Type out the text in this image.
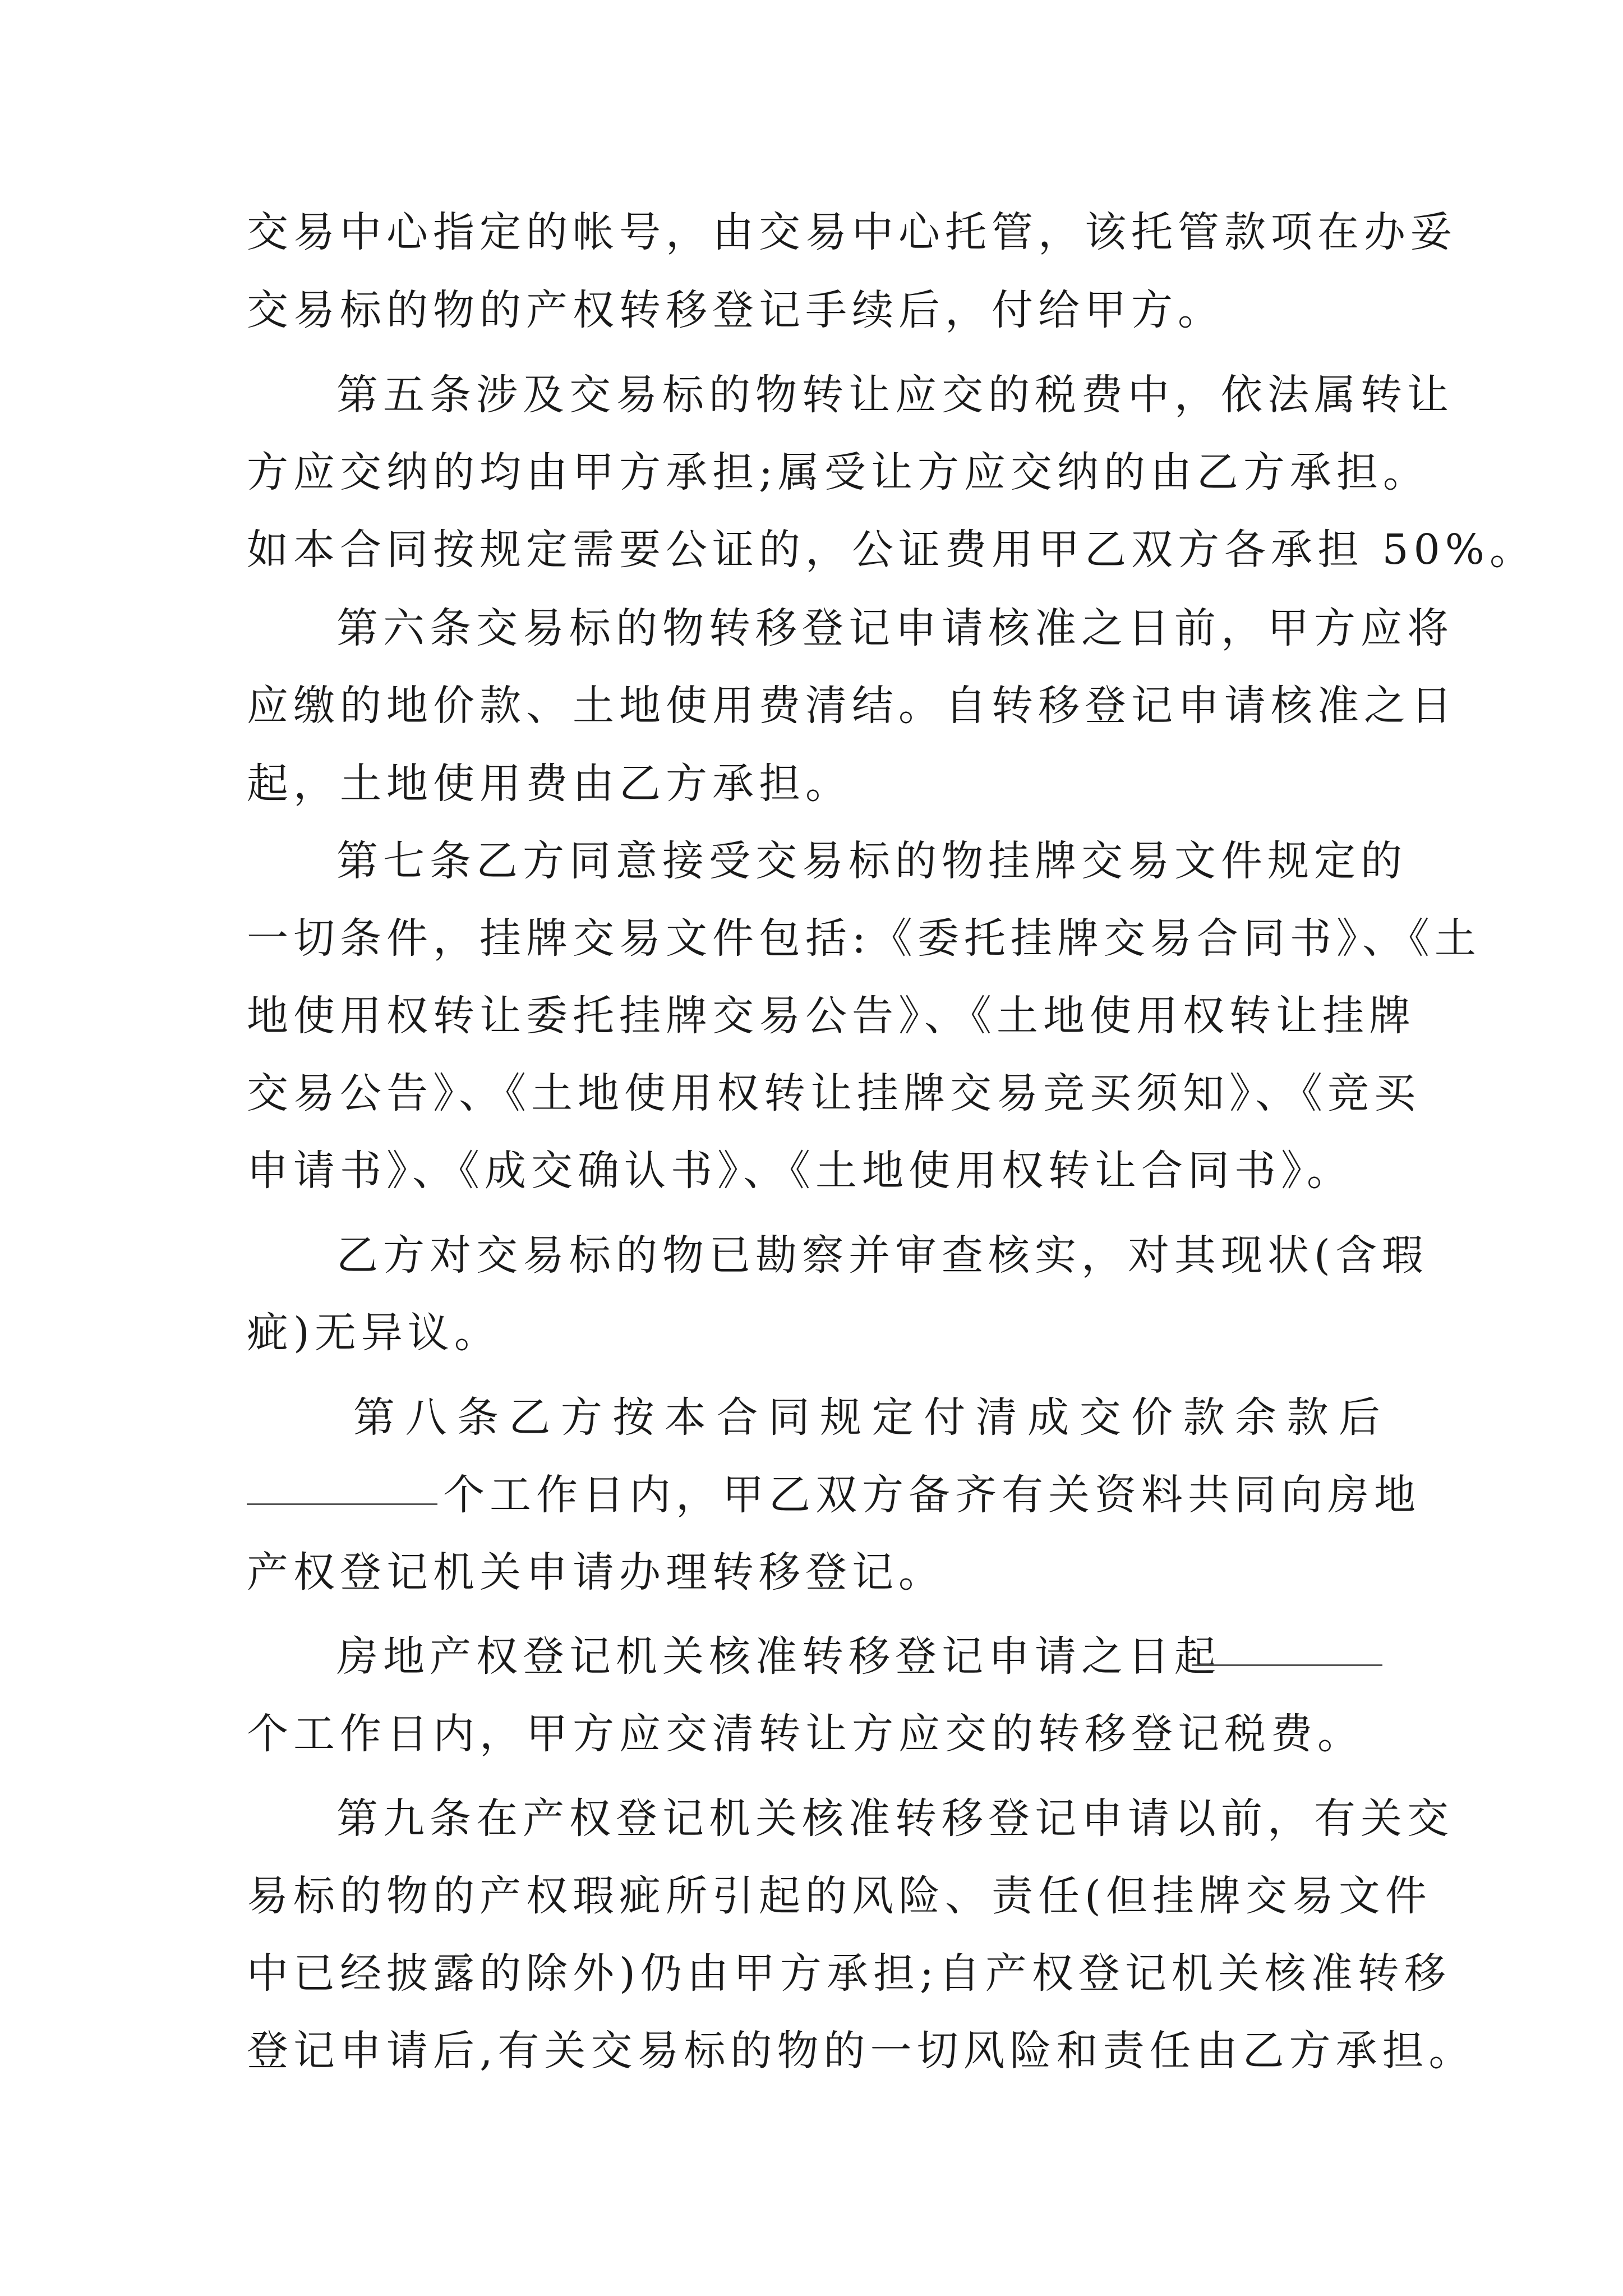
交易中心指定的帐号，由交易中心托管，该托管款项在办妥
交易标的物的产权转移登记手续后，付给甲方。
第五条涉及交易标的物转让应交的税费中，依法属转让
方应交纳的均由甲方承担;属受让方应交纳的由乙方承担。
如本合同按规定需要公证的，公证费用甲乙双方各承担 50%。
第六条交易标的物转移登记申请核准之日前，甲方应将
应缴的地价款、土地使用费清结。自转移登记申请核准之日
起，土地使用费由乙方承担。
第七条乙方同意接受交易标的物挂牌交易文件规定的
一切条件，挂牌交易文件包括:《委托挂牌交易合同书》、《土
地使用权转让委托挂牌交易公告》、《土地使用权转让挂牌
交易公告》、《土地使用权转让挂牌交易竞买须知》、《竞买
申请书》、《成交确认书》、《土地使用权转让合同书》。
乙方对交易标的物已勘察并审查核实，对其现状(含瑕
疵)无异议。
第八条乙方按本合同规定付清成交价款余款后
个工作日内，甲乙双方备齐有关资料共同向房地
产权登记机关申请办理转移登记。
房地产权登记机关核准转移登记申请之日起
个工作日内，甲方应交清转让方应交的转移登记税费。
第九条在产权登记机关核准转移登记申请以前，有关交
易标的物的产权瑕疵所引起的风险、责任(但挂牌交易文件
中已经披露的除外)仍由甲方承担;自产权登记机关核准转移
登记申请后,有关交易标的物的一切风险和责任由乙方承担。
